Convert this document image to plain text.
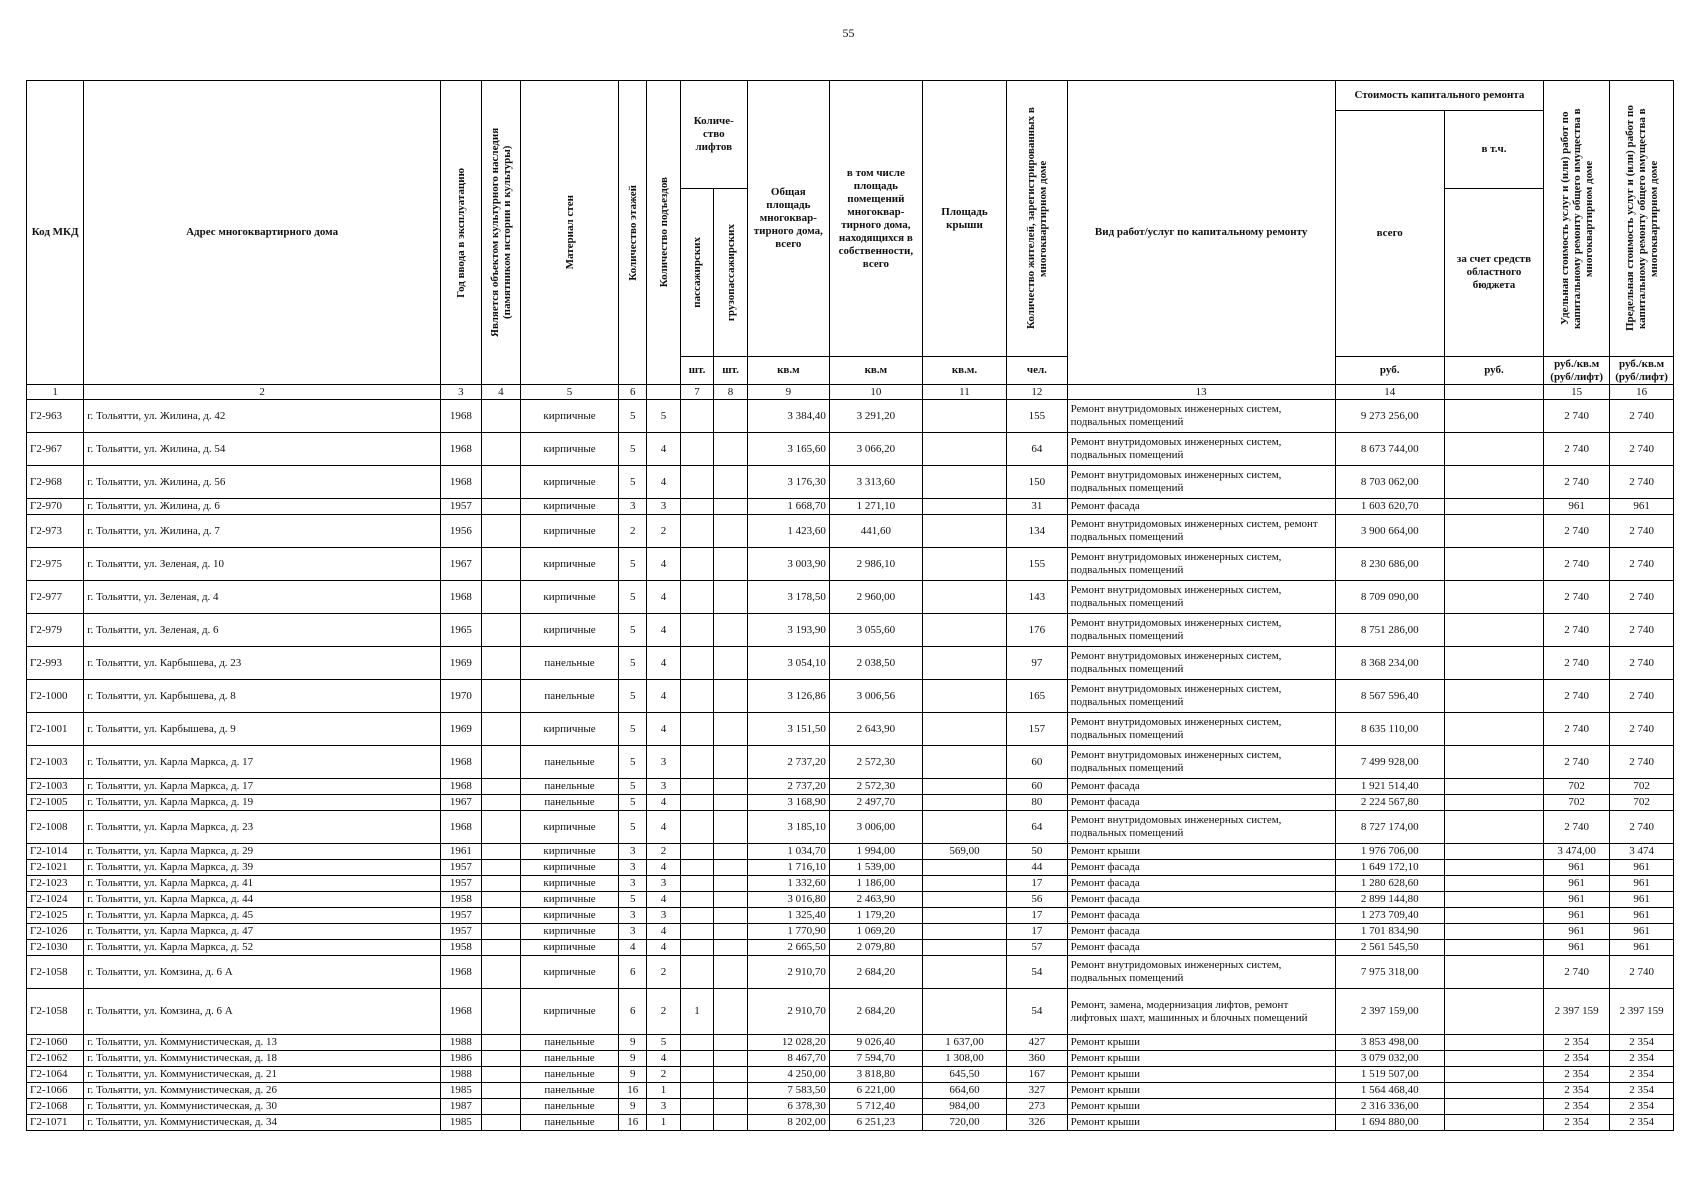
55
Код МКД	Адрес многоквартирного дома	Год ввода в эксплуатацию	Является объектом культурного наследия (памятником истории и культуры)	Материал стен	Количество этажей	Количество подъездов	Количе-ство лифтов		Общая площадь многоквар-тирного дома, всего	в том числе площадь помещений многоквар-тирного дома, находящихся в собственности, всего	Площадь крыши	Количество жителей, зарегистрированных в многоквартирном доме	Вид работ/услуг по капитальному ремонту	Стоимость капитального ремонта		Удельная стоимость услуг и (или) работ по капитальному ремонту общего имущества в многоквартирном доме	Предельная стоимость услуг и (или) работ по капитальному ремонту общего имущества в многоквартирном доме

														всего	в т.ч.		

							пассажирских	грузопассажирских							за счет средств областного бюджета		
							шт.	шт.	кв.м	кв.м	кв.м.	чел.		руб.	руб.	руб./кв.м (руб/лифт)	руб./кв.м (руб/лифт)
1	2	3	4	5	6		7	8	9	10	11	12	13	14		15	16
Г2-963	г. Тольятти, ул. Жилина, д. 42	1968		кирпичные	5	5			3 384,40	3 291,20		155	Ремонт внутридомовых инженерных систем, подвальных помещений	9 273 256,00		2 740	2 740
Г2-967	г. Тольятти, ул. Жилина, д. 54	1968		кирпичные	5	4			3 165,60	3 066,20		64	Ремонт внутридомовых инженерных систем, подвальных помещений	8 673 744,00		2 740	2 740
Г2-968	г. Тольятти, ул. Жилина, д. 56	1968		кирпичные	5	4			3 176,30	3 313,60		150	Ремонт внутридомовых инженерных систем, подвальных помещений	8 703 062,00		2 740	2 740
Г2-970	г. Тольятти, ул. Жилина, д. 6	1957		кирпичные	3	3			1 668,70	1 271,10		31	Ремонт фасада	1 603 620,70		961	961
Г2-973	г. Тольятти, ул. Жилина, д. 7	1956		кирпичные	2	2			1 423,60	441,60		134	Ремонт внутридомовых инженерных систем, ремонт подвальных помещений	3 900 664,00		2 740	2 740
Г2-975	г. Тольятти, ул. Зеленая, д. 10	1967		кирпичные	5	4			3 003,90	2 986,10		155	Ремонт внутридомовых инженерных систем, подвальных помещений	8 230 686,00		2 740	2 740
Г2-977	г. Тольятти, ул. Зеленая, д. 4	1968		кирпичные	5	4			3 178,50	2 960,00		143	Ремонт внутридомовых инженерных систем, подвальных помещений	8 709 090,00		2 740	2 740
Г2-979	г. Тольятти, ул. Зеленая, д. 6	1965		кирпичные	5	4			3 193,90	3 055,60		176	Ремонт внутридомовых инженерных систем, подвальных помещений	8 751 286,00		2 740	2 740
Г2-993	г. Тольятти, ул. Карбышева, д. 23	1969		панельные	5	4			3 054,10	2 038,50		97	Ремонт внутридомовых инженерных систем, подвальных помещений	8 368 234,00		2 740	2 740
Г2-1000	г. Тольятти, ул. Карбышева, д. 8	1970		панельные	5	4			3 126,86	3 006,56		165	Ремонт внутридомовых инженерных систем, подвальных помещений	8 567 596,40		2 740	2 740
Г2-1001	г. Тольятти, ул. Карбышева, д. 9	1969		кирпичные	5	4			3 151,50	2 643,90		157	Ремонт внутридомовых инженерных систем, подвальных помещений	8 635 110,00		2 740	2 740
Г2-1003	г. Тольятти, ул. Карла Маркса, д. 17	1968		панельные	5	3			2 737,20	2 572,30		60	Ремонт внутридомовых инженерных систем, подвальных помещений	7 499 928,00		2 740	2 740
Г2-1003	г. Тольятти, ул. Карла Маркса, д. 17	1968		панельные	5	3			2 737,20	2 572,30		60	Ремонт фасада	1 921 514,40		702	702
Г2-1005	г. Тольятти, ул. Карла Маркса, д. 19	1967		панельные	5	4			3 168,90	2 497,70		80	Ремонт фасада	2 224 567,80		702	702
Г2-1008	г. Тольятти, ул. Карла Маркса, д. 23	1968		кирпичные	5	4			3 185,10	3 006,00		64	Ремонт внутридомовых инженерных систем, подвальных помещений	8 727 174,00		2 740	2 740
Г2-1014	г. Тольятти, ул. Карла Маркса, д. 29	1961		кирпичные	3	2			1 034,70	1 994,00	569,00	50	Ремонт крыши	1 976 706,00		3 474,00	3 474
Г2-1021	г. Тольятти, ул. Карла Маркса, д. 39	1957		кирпичные	3	4			1 716,10	1 539,00		44	Ремонт фасада	1 649 172,10		961	961
Г2-1023	г. Тольятти, ул. Карла Маркса, д. 41	1957		кирпичные	3	3			1 332,60	1 186,00		17	Ремонт фасада	1 280 628,60		961	961
Г2-1024	г. Тольятти, ул. Карла Маркса, д. 44	1958		кирпичные	5	4			3 016,80	2 463,90		56	Ремонт фасада	2 899 144,80		961	961
Г2-1025	г. Тольятти, ул. Карла Маркса, д. 45	1957		кирпичные	3	3			1 325,40	1 179,20		17	Ремонт фасада	1 273 709,40		961	961
Г2-1026	г. Тольятти, ул. Карла Маркса, д. 47	1957		кирпичные	3	4			1 770,90	1 069,20		17	Ремонт фасада	1 701 834,90		961	961
Г2-1030	г. Тольятти, ул. Карла Маркса, д. 52	1958		кирпичные	4	4			2 665,50	2 079,80		57	Ремонт фасада	2 561 545,50		961	961
Г2-1058	г. Тольятти, ул. Комзина, д. 6 А	1968		кирпичные	6	2			2 910,70	2 684,20		54	Ремонт внутридомовых инженерных систем, подвальных помещений	7 975 318,00		2 740	2 740
Г2-1058	г. Тольятти, ул. Комзина, д. 6 А	1968		кирпичные	6	2	1		2 910,70	2 684,20		54	Ремонт, замена, модернизация лифтов, ремонт лифтовых шахт, машинных и блочных помещений	2 397 159,00		2 397 159	2 397 159
Г2-1060	г. Тольятти, ул. Коммунистическая, д. 13	1988		панельные	9	5			12 028,20	9 026,40	1 637,00	427	Ремонт крыши	3 853 498,00		2 354	2 354
Г2-1062	г. Тольятти, ул. Коммунистическая, д. 18	1986		панельные	9	4			8 467,70	7 594,70	1 308,00	360	Ремонт крыши	3 079 032,00		2 354	2 354
Г2-1064	г. Тольятти, ул. Коммунистическая, д. 21	1988		панельные	9	2			4 250,00	3 818,80	645,50	167	Ремонт крыши	1 519 507,00		2 354	2 354
Г2-1066	г. Тольятти, ул. Коммунистическая, д. 26	1985		панельные	16	1			7 583,50	6 221,00	664,60	327	Ремонт крыши	1 564 468,40		2 354	2 354
Г2-1068	г. Тольятти, ул. Коммунистическая, д. 30	1987		панельные	9	3			6 378,30	5 712,40	984,00	273	Ремонт крыши	2 316 336,00		2 354	2 354
Г2-1071	г. Тольятти, ул. Коммунистическая, д. 34	1985		панельные	16	1			8 202,00	6 251,23	720,00	326	Ремонт крыши	1 694 880,00		2 354	2 354
